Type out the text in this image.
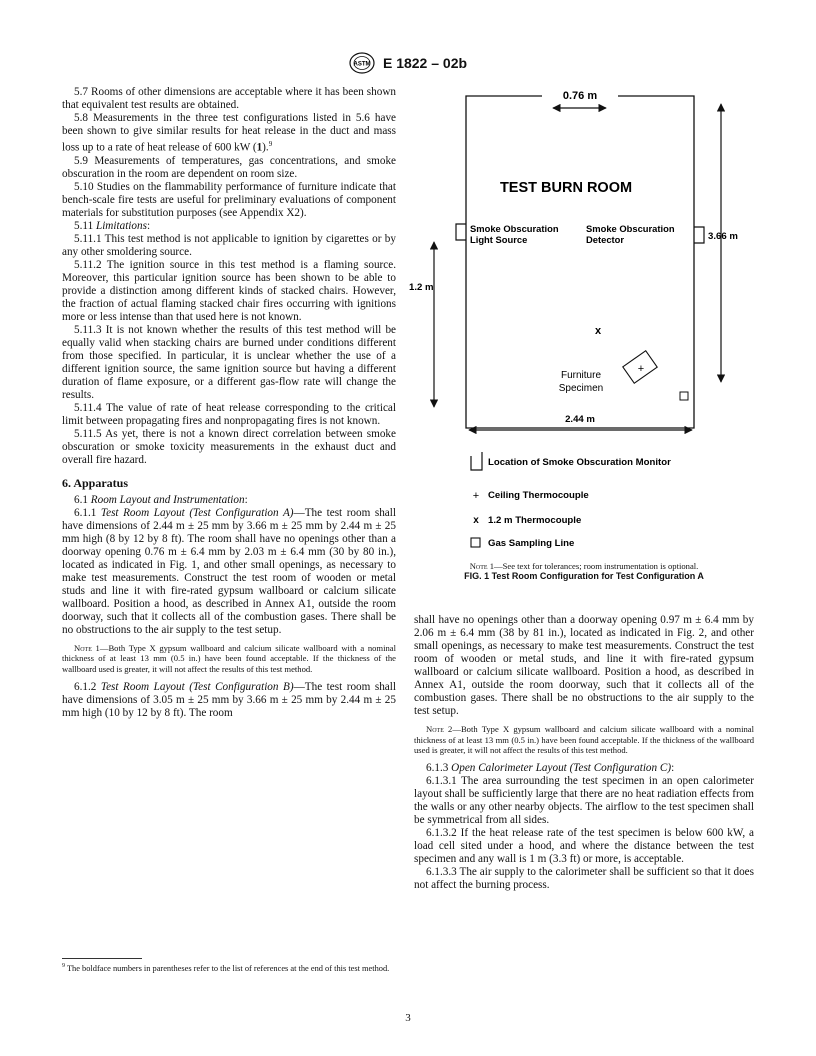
ASTM E 1822 – 02b

5.7 Rooms of other dimensions are acceptable where it has been shown that equivalent test results are obtained.

5.8 Measurements in the three test configurations listed in 5.6 have been shown to give similar results for heat release in the duct and mass loss up to a rate of heat release of 600 kW (1).$^9$

5.9 Measurements of temperatures, gas concentrations, and smoke obscuration in the room are dependent on room size.

5.10 Studies on the flammability performance of furniture indicate that bench-scale fire tests are useful for preliminary evaluations of component materials for substitution purposes (see Appendix X2).

5.11 Limitations:

5.11.1 This test method is not applicable to ignition by cigarettes or by any other smoldering source.

5.11.2 The ignition source in this test method is a flaming source. Moreover, this particular ignition source has been shown to be able to provide a distinction among different kinds of stacked chairs. However, the fraction of actual flaming stacked chair fires occurring with ignitions more or less intense than that used here is not known.

5.11.3 It is not known whether the results of this test method will be equally valid when stacking chairs are burned under conditions different from those specified. In particular, it is unclear whether the use of a different ignition source, the same ignition source but having a different duration of flame exposure, or a different gas-flow rate will change the results.

5.11.4 The value of rate of heat release corresponding to the critical limit between propagating fires and nonpropagating fires is not known.

5.11.5 As yet, there is not a known direct correlation between smoke obscuration or smoke toxicity measurements in the exhaust duct and overall fire hazard.

6. Apparatus

6.1 Room Layout and Instrumentation:

6.1.1 Test Room Layout (Test Configuration A)—The test room shall have dimensions of 2.44 m ± 25 mm by 3.66 m ± 25 mm by 2.44 m ± 25 mm high (8 by 12 by 8 ft). The room shall have no openings other than a doorway opening 0.76 m ± 6.4 mm by 2.03 m ± 6.4 mm (30 by 80 in.), located as indicated in Fig. 1, and other small openings, as necessary to make test measurements. Construct the test room of wooden or metal studs and line it with fire-rated gypsum wallboard or calcium silicate wallboard. Position a hood, as described in Annex A1, outside the room doorway, such that it collects all of the combustion gases. There shall be no obstructions to the air supply to the test setup.

Note 1—Both Type X gypsum wallboard and calcium silicate wallboard with a nominal thickness of at least 13 mm (0.5 in.) have been found acceptable. If the thickness of the wallboard used is greater, it will not affect the results of this test method.

6.1.2 Test Room Layout (Test Configuration B)—The test room shall have dimensions of 3.05 m ± 25 mm by 3.66 m ± 25 mm by 2.44 m ± 25 mm high (10 by 12 by 8 ft). The room

$^9$ The boldface numbers in parentheses refer to the list of references at the end of this test method.
0.76 m
TEST BURN ROOM
Smoke Obscuration
Light Source
Smoke Obscuration
Detector	3.66 m
1.2 m
x
Furniture
Specimen
+
2.44 m
Location of Smoke Obscuration Monitor
+ Ceiling Thermocouple
x 1.2 m Thermocouple
Gas Sampling Line
Note 1—See text for tolerances; room instrumentation is optional.
FIG. 1 Test Room Configuration for Test Configuration A

shall have no openings other than a doorway opening 0.97 m ± 6.4 mm by 2.06 m ± 6.4 mm (38 by 81 in.), located as indicated in Fig. 2, and other small openings, as necessary to make test measurements. Construct the test room of wooden or metal studs, and line it with fire-rated gypsum wallboard or calcium silicate wallboard. Position a hood, as described in Annex A1, outside the room doorway, such that it collects all of the combustion gases. There shall be no obstructions to the air supply to the test setup.

Note 2—Both Type X gypsum wallboard and calcium silicate wallboard with a nominal thickness of at least 13 mm (0.5 in.) have been found acceptable. If the thickness of the wallboard used is greater, it will not affect the results of this test method.

6.1.3 Open Calorimeter Layout (Test Configuration C):

6.1.3.1 The area surrounding the test specimen in an open calorimeter layout shall be sufficiently large that there are no heat radiation effects from the walls or any other nearby objects. The airflow to the test specimen shall be symmetrical from all sides.

6.1.3.2 If the heat release rate of the test specimen is below 600 kW, a load cell sited under a hood, and where the distance between the test specimen and any wall is 1 m (3.3 ft) or more, is acceptable.

6.1.3.3 The air supply to the calorimeter shall be sufficient so that it does not affect the burning process.

3
